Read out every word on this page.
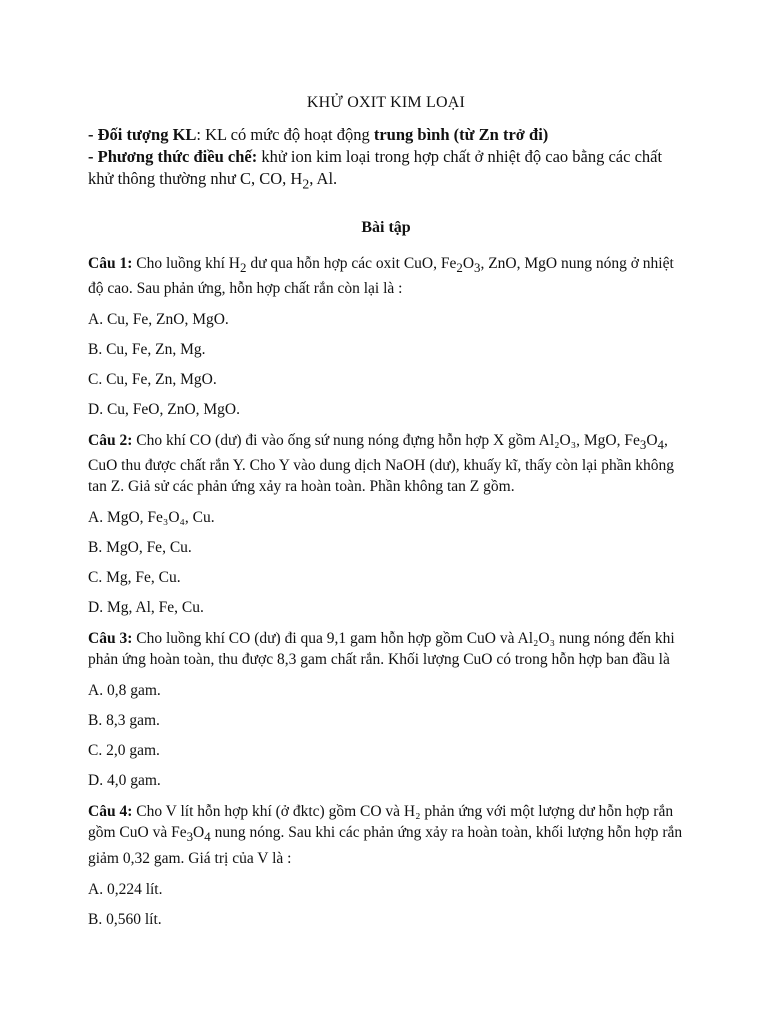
KHỬ OXIT KIM LOẠI

- Đối tượng KL: KL có mức độ hoạt động trung bình (từ Zn trở đi)

- Phương thức điều chế: khử ion kim loại trong hợp chất ở nhiệt độ cao bằng các chất khử thông thường như C, CO, $H_2$, Al.

Bài tập

Câu 1: Cho luồng khí $H_2$ dư qua hỗn hợp các oxit CuO, $Fe_2O_3$, ZnO, MgO nung nóng ở nhiệt độ cao. Sau phản ứng, hỗn hợp chất rắn còn lại là :

A. Cu, Fe, ZnO, MgO.

B. Cu, Fe, Zn, Mg.

C. Cu, Fe, Zn, MgO.

D. Cu, FeO, ZnO, MgO.

Câu 2: Cho khí CO (dư) đi vào ống sứ nung nóng đựng hỗn hợp X gồm Al₂O₃, MgO, $Fe_3O_4$, CuO thu được chất rắn Y. Cho Y vào dung dịch NaOH (dư), khuấy kĩ, thấy còn lại phần không tan Z. Giả sử các phản ứng xảy ra hoàn toàn. Phần không tan Z gồm.

A. MgO, Fe₃O₄, Cu.

B. MgO, Fe, Cu.

C. Mg, Fe, Cu.

D. Mg, Al, Fe, Cu.

Câu 3: Cho luồng khí CO (dư) đi qua 9,1 gam hỗn hợp gồm CuO và Al₂O₃ nung nóng đến khi phản ứng hoàn toàn, thu được 8,3 gam chất rắn. Khối lượng CuO có trong hỗn hợp ban đầu là

A. 0,8 gam.

B. 8,3 gam.

C. 2,0 gam.

D. 4,0 gam.

Câu 4: Cho V lít hỗn hợp khí (ở đktc) gồm CO và H₂ phản ứng với một lượng dư hỗn hợp rắn gồm CuO và $Fe_3O_4$ nung nóng. Sau khi các phản ứng xảy ra hoàn toàn, khối lượng hỗn hợp rắn giảm 0,32 gam. Giá trị của V là :

A. 0,224 lít.

B. 0,560 lít.
